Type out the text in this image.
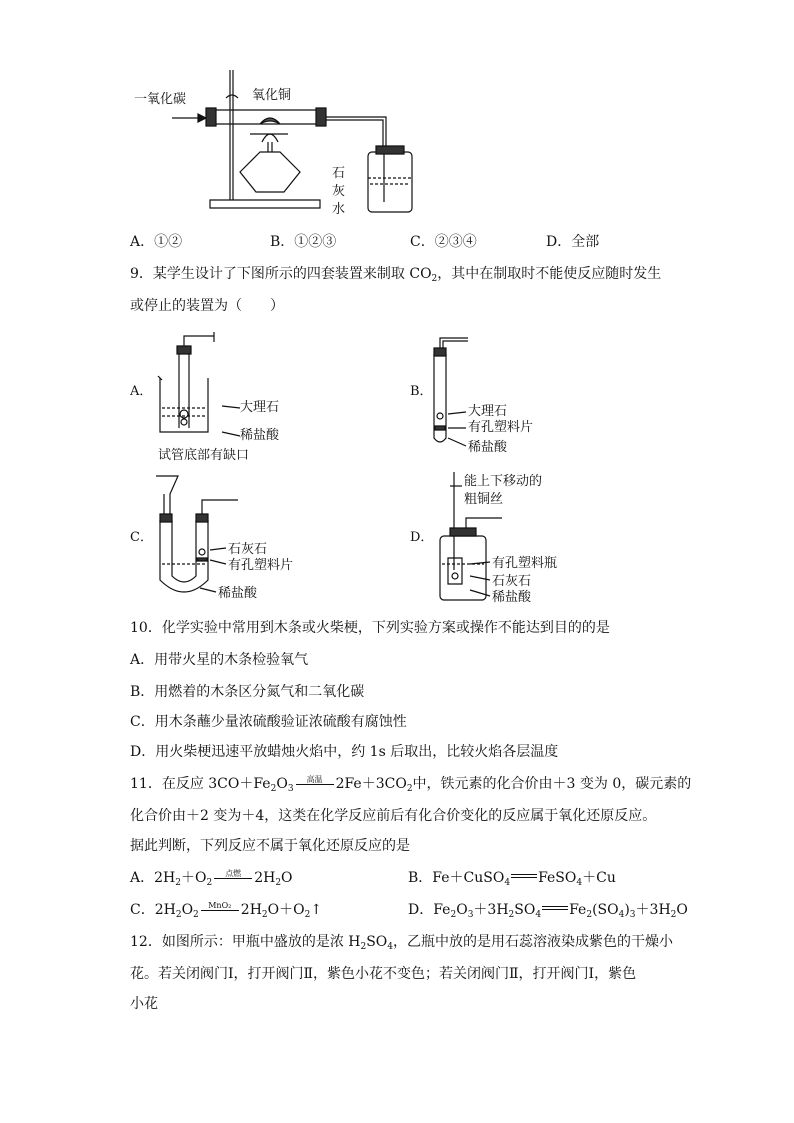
一氧化碳	氧化铜
石
灰
水
A．①②	B．①②③	C．②③④	D．全部
9．某学生设计了下图所示的四套装置来制取 $CO_2$，其中在制取时不能使反应随时发生
或停止的装置为（　　）
A．
大理石
稀盐酸
试管底部有缺口
B．
大理石
有孔塑料片
稀盐酸
C．
石灰石
有孔塑料片
稀盐酸
D．
能上下移动的
粗铜丝
有孔塑料瓶
石灰石
稀盐酸
10．化学实验中常用到木条或火柴梗，下列实验方案或操作不能达到目的的是
A．用带火星的木条检验氧气
B．用燃着的木条区分氮气和二氧化碳
C．用木条蘸少量浓硫酸验证浓硫酸有腐蚀性
D．用火柴梗迅速平放蜡烛火焰中，约 1s 后取出，比较火焰各层温度
11．在反应 $3CO+Fe_2O_3$
高温 $2Fe+3CO_2$中，铁元素的化合价由＋3 变为 0，碳元素的
化合价由＋2 变为＋4，这类在化学反应前后有化合价变化的反应属于氧化还原反应。
据此判断，下列反应不属于氧化还原反应的是
A．$2H_2+O_2$
点燃 $2H_2O$	B．Fe＋CuSO$_4$ FeSO$_4$＋Cu
C．$2H_2O_2$
MnO₂ $2H_2O+O_2↑$	D．$Fe_2O_3+3H_2SO_4$ $Fe_2(SO_4)_3+3H_2O$
12．如图所示：甲瓶中盛放的是浓 $H_2SO_4$，乙瓶中放的是用石蕊溶液染成紫色的干燥小
花。若关闭阀门Ⅰ，打开阀门Ⅱ，紫色小花不变色；若关闭阀门Ⅱ，打开阀门Ⅰ，紫色
小花
